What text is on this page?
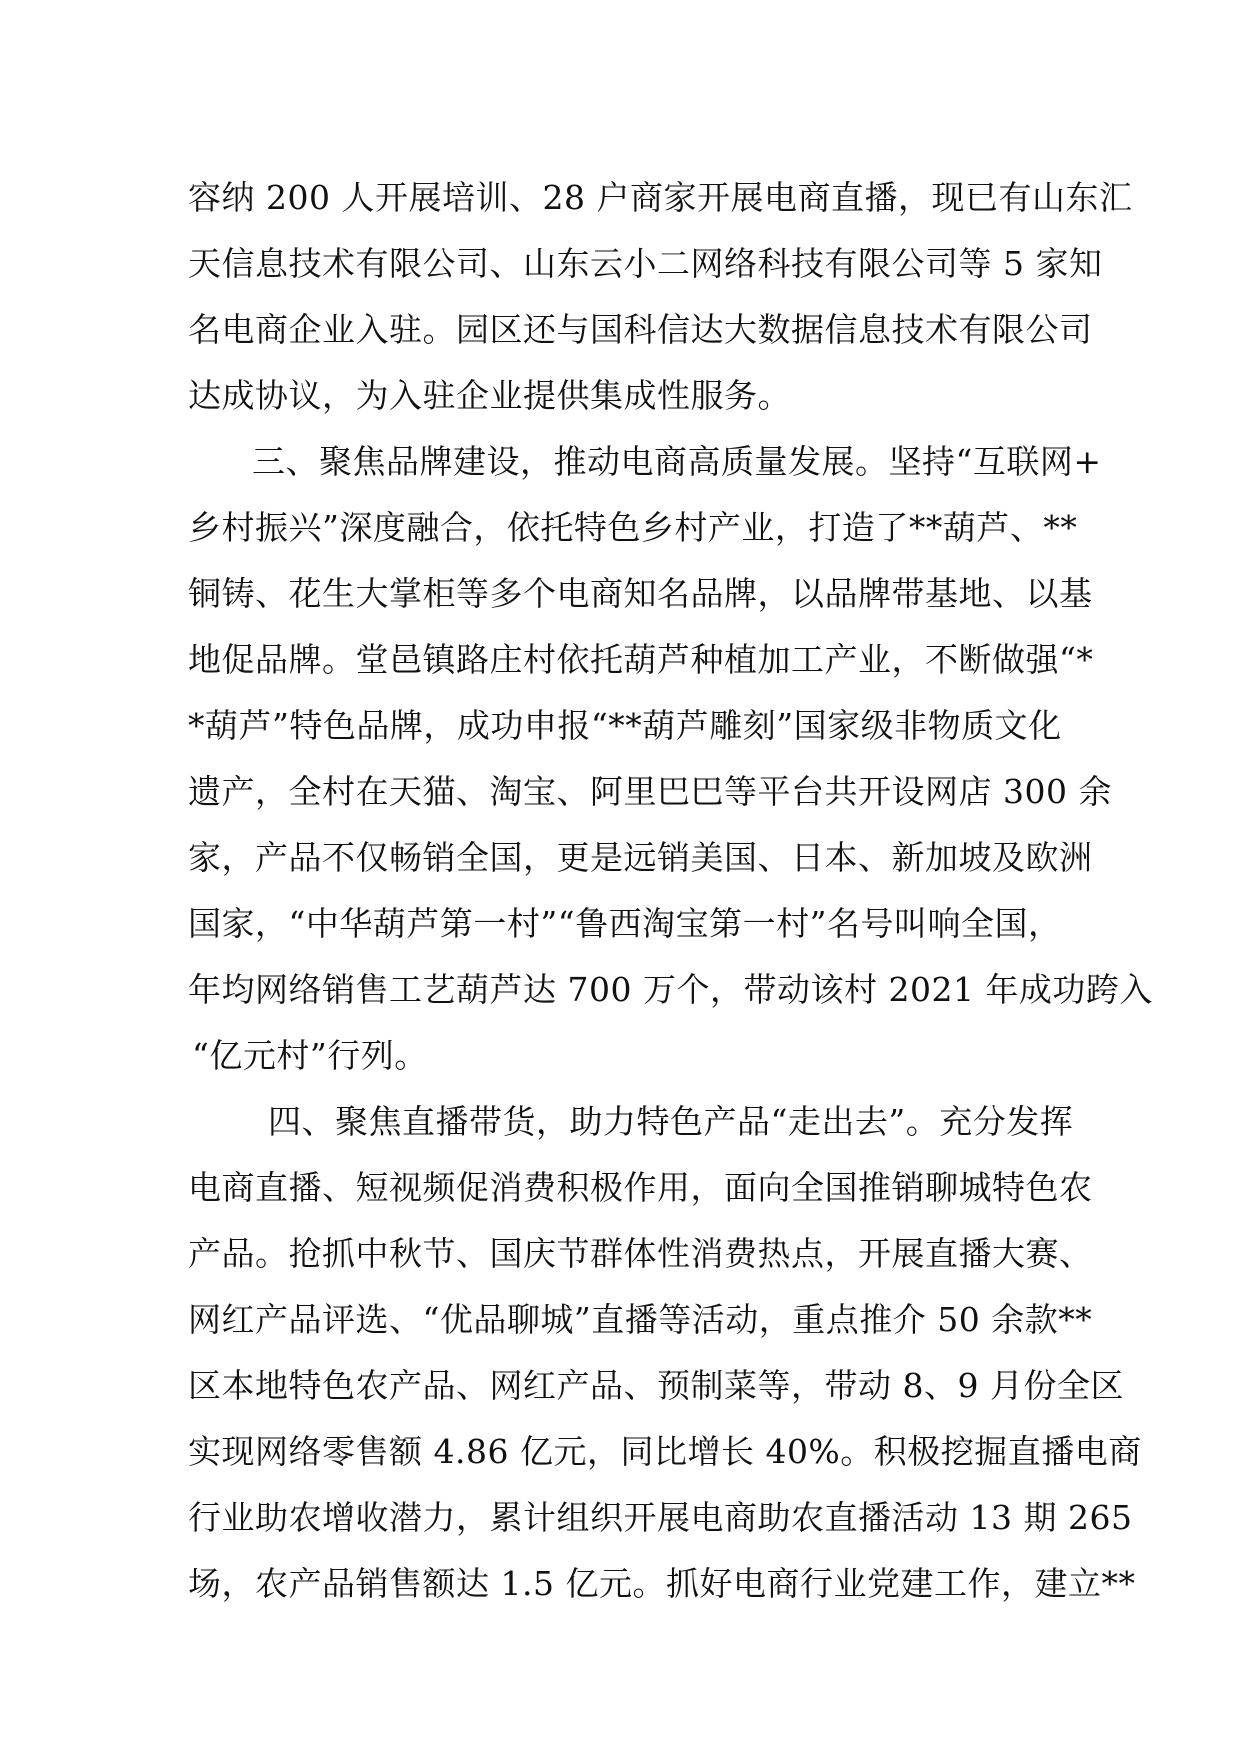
容纳 200 人开展培训、28 户商家开展电商直播，现已有山东汇
天信息技术有限公司、山东云小二网络科技有限公司等 5 家知
名电商企业入驻。园区还与国科信达大数据信息技术有限公司
达成协议，为入驻企业提供集成性服务。
三、聚焦品牌建设，推动电商高质量发展。坚持“互联网+
乡村振兴”深度融合，依托特色乡村产业，打造了**葫芦、**
铜铸、花生大掌柜等多个电商知名品牌，以品牌带基地、以基
地促品牌。堂邑镇路庄村依托葫芦种植加工产业，不断做强“*
*葫芦”特色品牌，成功申报“**葫芦雕刻”国家级非物质文化
遗产，全村在天猫、淘宝、阿里巴巴等平台共开设网店 300 余
家，产品不仅畅销全国，更是远销美国、日本、新加坡及欧洲
国家，“中华葫芦第一村”“鲁西淘宝第一村”名号叫响全国，
年均网络销售工艺葫芦达 700 万个，带动该村 2021 年成功跨入
“亿元村”行列。
四、聚焦直播带货，助力特色产品“走出去”。充分发挥
电商直播、短视频促消费积极作用，面向全国推销聊城特色农
产品。抢抓中秋节、国庆节群体性消费热点，开展直播大赛、
网红产品评选、“优品聊城”直播等活动，重点推介 50 余款**
区本地特色农产品、网红产品、预制菜等，带动 8、9 月份全区
实现网络零售额 4.86 亿元，同比增长 40%。积极挖掘直播电商
行业助农增收潜力，累计组织开展电商助农直播活动 13 期 265
场，农产品销售额达 1.5 亿元。抓好电商行业党建工作，建立**
